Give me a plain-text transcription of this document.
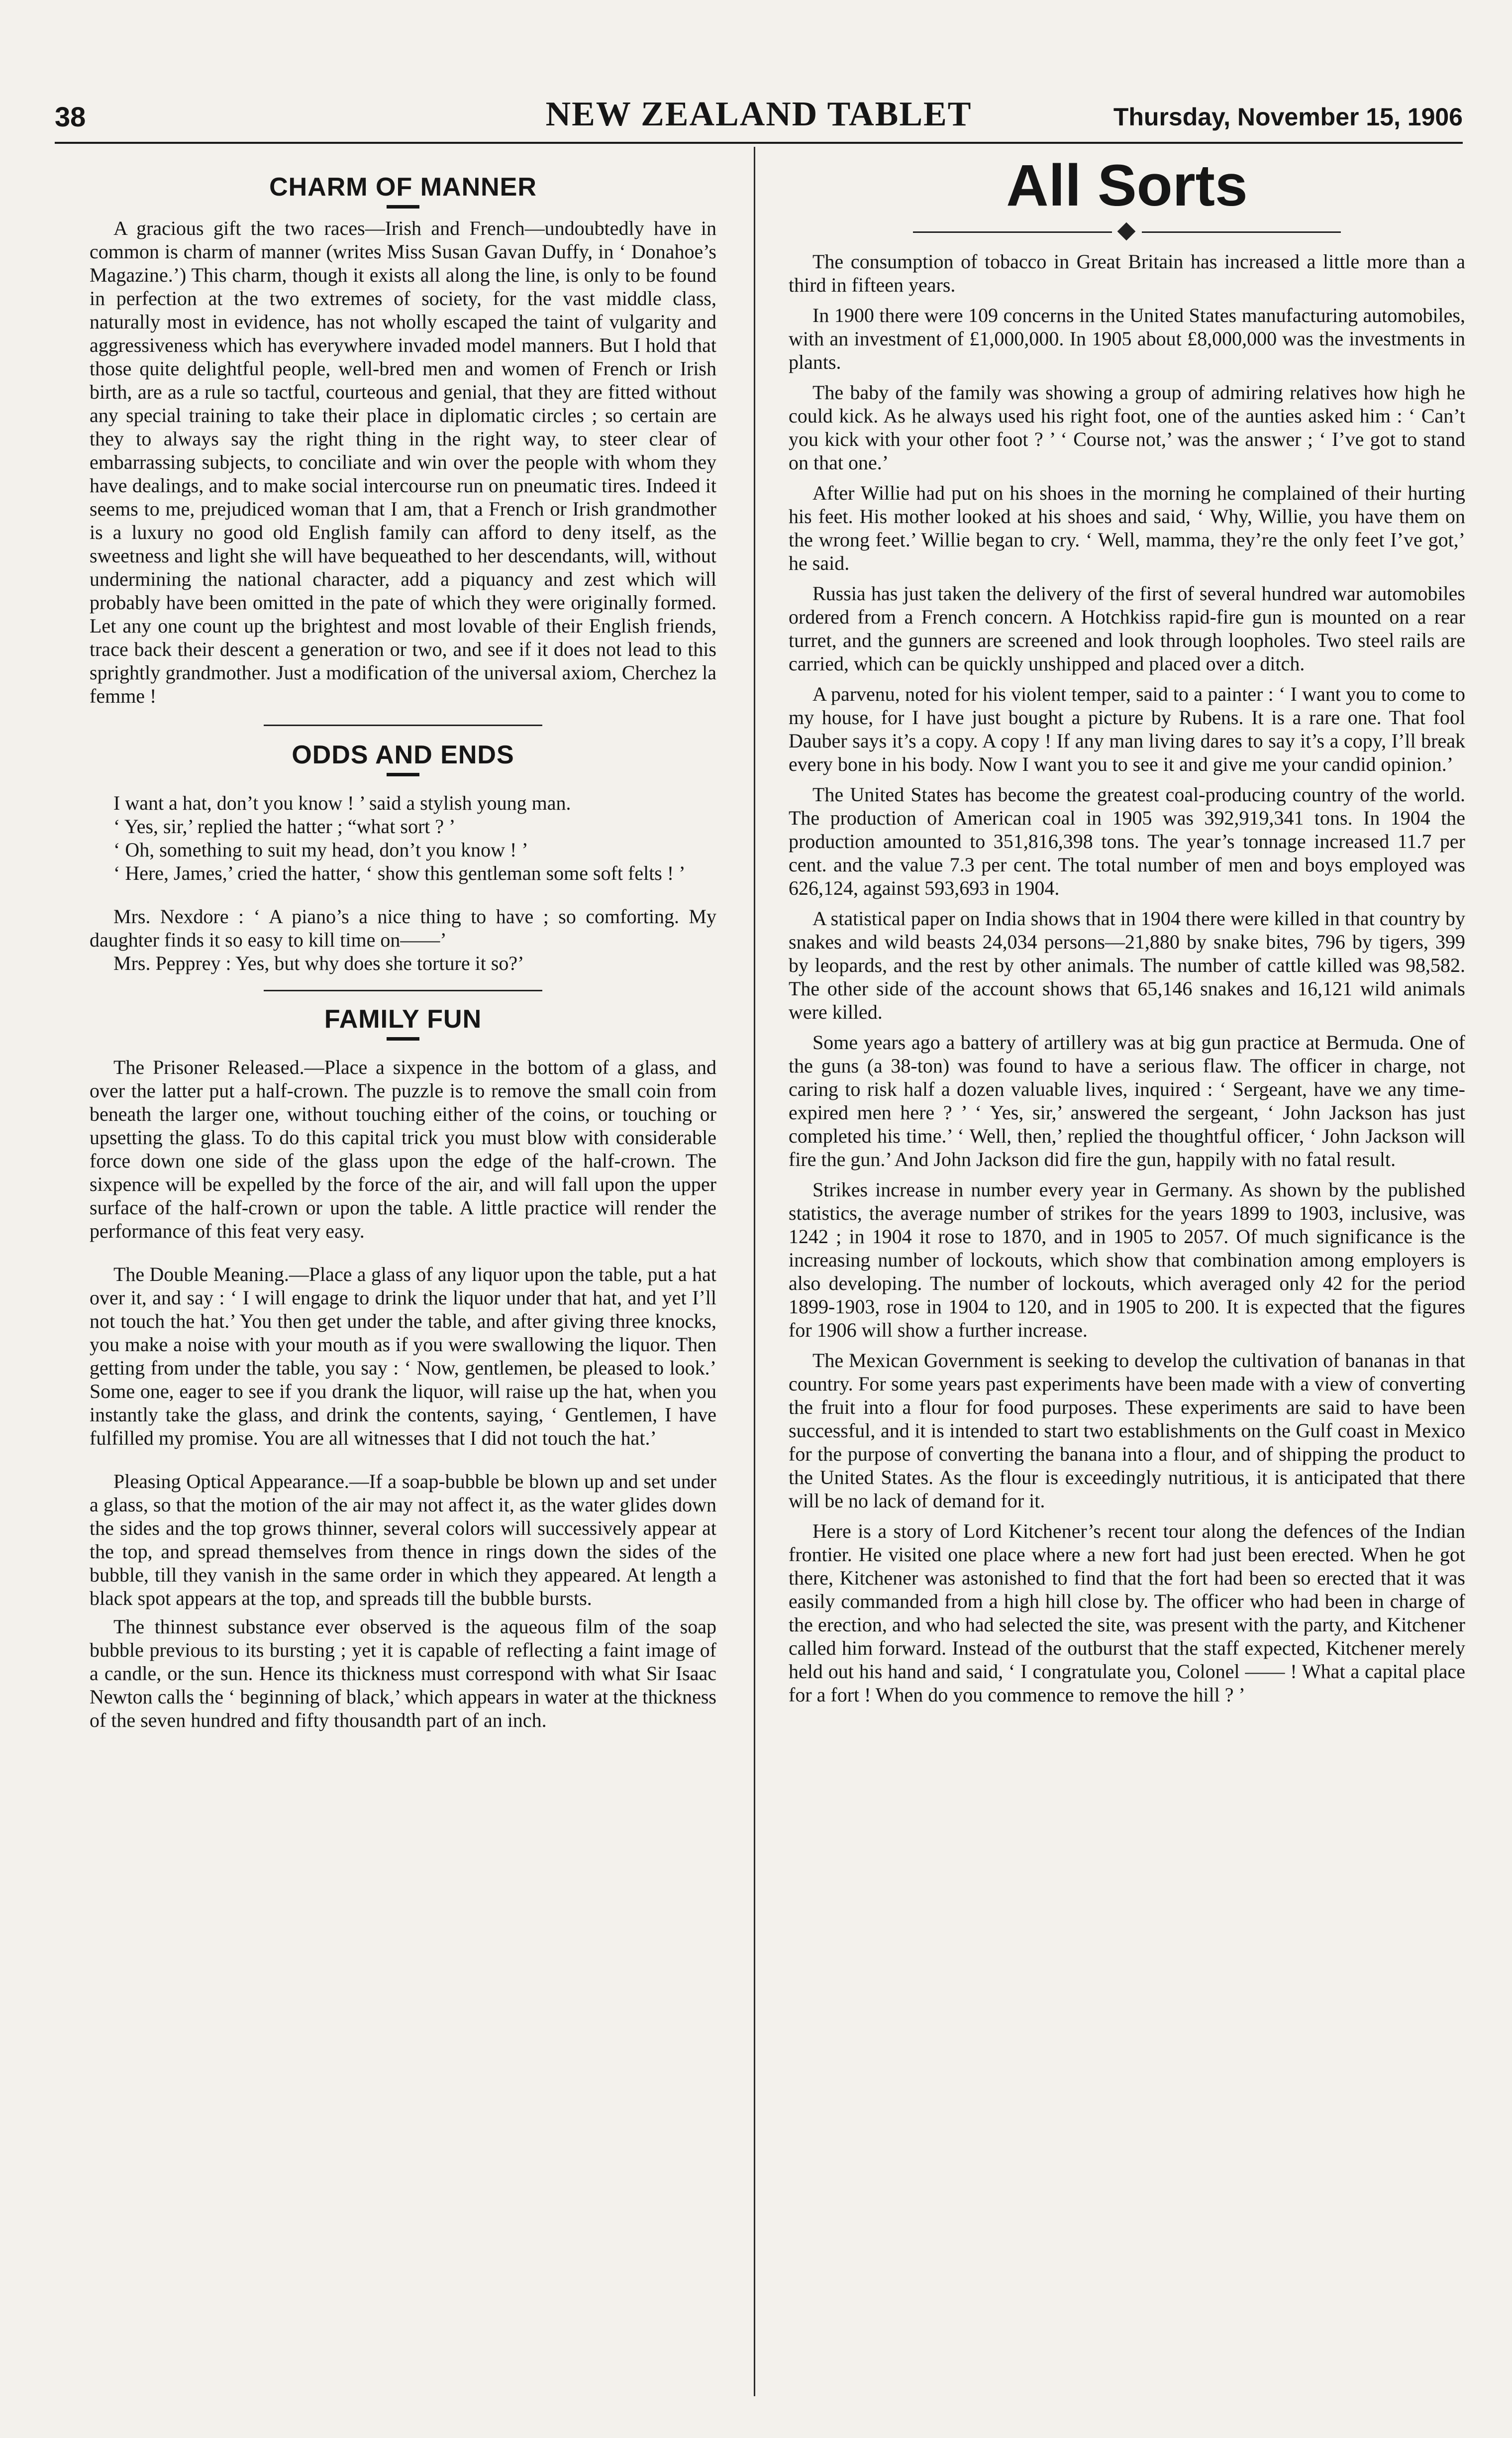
38	NEW ZEALAND TABLET	Thursday, November 15, 1906
CHARM OF MANNER

A gracious gift the two races—Irish and French—undoubtedly have in common is charm of manner (writes Miss Susan Gavan Duffy, in ‘ Donahoe’s Magazine.’) This charm, though it exists all along the line, is only to be found in perfection at the two extremes of society, for the vast middle class, naturally most in evidence, has not wholly escaped the taint of vulgarity and aggressiveness which has everywhere invaded model manners. But I hold that those quite delightful people, well-bred men and women of French or Irish birth, are as a rule so tactful, courteous and genial, that they are fitted without any special training to take their place in diplomatic circles ; so certain are they to always say the right thing in the right way, to steer clear of embarrassing subjects, to conciliate and win over the people with whom they have dealings, and to make social intercourse run on pneumatic tires. Indeed it seems to me, prejudiced woman that I am, that a French or Irish grandmother is a luxury no good old English family can afford to deny itself, as the sweetness and light she will have bequeathed to her descendants, will, without undermining the national character, add a piquancy and zest which will probably have been omitted in the pate of which they were originally formed. Let any one count up the brightest and most lovable of their English friends, trace back their descent a generation or two, and see if it does not lead to this sprightly grandmother. Just a modification of the universal axiom, Cherchez la femme !

ODDS AND ENDS

I want a hat, don’t you know ! ’ said a stylish young man.

‘ Yes, sir,’ replied the hatter ; “what sort ? ’

‘ Oh, something to suit my head, don’t you know ! ’

‘ Here, James,’ cried the hatter, ‘ show this gentleman some soft felts ! ’

Mrs. Nexdore : ‘ A piano’s a nice thing to have ; so comforting. My daughter finds it so easy to kill time on——’

Mrs. Pepprey : Yes, but why does she torture it so?’

FAMILY FUN

The Prisoner Released.—Place a sixpence in the bottom of a glass, and over the latter put a half-crown. The puzzle is to remove the small coin from beneath the larger one, without touching either of the coins, or touching or upsetting the glass. To do this capital trick you must blow with considerable force down one side of the glass upon the edge of the half-crown. The sixpence will be expelled by the force of the air, and will fall upon the upper surface of the half-crown or upon the table. A little practice will render the performance of this feat very easy.

The Double Meaning.—Place a glass of any liquor upon the table, put a hat over it, and say : ‘ I will engage to drink the liquor under that hat, and yet I’ll not touch the hat.’ You then get under the table, and after giving three knocks, you make a noise with your mouth as if you were swallowing the liquor. Then getting from under the table, you say : ‘ Now, gentlemen, be pleased to look.’ Some one, eager to see if you drank the liquor, will raise up the hat, when you instantly take the glass, and drink the contents, saying, ‘ Gentlemen, I have fulfilled my promise. You are all witnesses that I did not touch the hat.’

Pleasing Optical Appearance.—If a soap-bubble be blown up and set under a glass, so that the motion of the air may not affect it, as the water glides down the sides and the top grows thinner, several colors will successively appear at the top, and spread themselves from thence in rings down the sides of the bubble, till they vanish in the same order in which they appeared. At length a black spot appears at the top, and spreads till the bubble bursts.

The thinnest substance ever observed is the aqueous film of the soap bubble previous to its bursting ; yet it is capable of reflecting a faint image of a candle, or the sun. Hence its thickness must correspond with what Sir Isaac Newton calls the ‘ beginning of black,’ which appears in water at the thickness of the seven hundred and fifty thousandth part of an inch.

All Sorts

The consumption of tobacco in Great Britain has increased a little more than a third in fifteen years.

In 1900 there were 109 concerns in the United States manufacturing automobiles, with an investment of £1,000,000. In 1905 about £8,000,000 was the investments in plants.

The baby of the family was showing a group of admiring relatives how high he could kick. As he always used his right foot, one of the aunties asked him : ‘ Can’t you kick with your other foot ? ’ ‘ Course not,’ was the answer ; ‘ I’ve got to stand on that one.’

After Willie had put on his shoes in the morning he complained of their hurting his feet. His mother looked at his shoes and said, ‘ Why, Willie, you have them on the wrong feet.’ Willie began to cry. ‘ Well, mamma, they’re the only feet I’ve got,’ he said.

Russia has just taken the delivery of the first of several hundred war automobiles ordered from a French concern. A Hotchkiss rapid-fire gun is mounted on a rear turret, and the gunners are screened and look through loopholes. Two steel rails are carried, which can be quickly unshipped and placed over a ditch.

A parvenu, noted for his violent temper, said to a painter : ‘ I want you to come to my house, for I have just bought a picture by Rubens. It is a rare one. That fool Dauber says it’s a copy. A copy ! If any man living dares to say it’s a copy, I’ll break every bone in his body. Now I want you to see it and give me your candid opinion.’

The United States has become the greatest coal-producing country of the world. The production of American coal in 1905 was 392,919,341 tons. In 1904 the production amounted to 351,816,398 tons. The year’s tonnage increased 11.7 per cent. and the value 7.3 per cent. The total number of men and boys employed was 626,124, against 593,693 in 1904.

A statistical paper on India shows that in 1904 there were killed in that country by snakes and wild beasts 24,034 persons—21,880 by snake bites, 796 by tigers, 399 by leopards, and the rest by other animals. The number of cattle killed was 98,582. The other side of the account shows that 65,146 snakes and 16,121 wild animals were killed.

Some years ago a battery of artillery was at big gun practice at Bermuda. One of the guns (a 38-ton) was found to have a serious flaw. The officer in charge, not caring to risk half a dozen valuable lives, inquired : ‘ Sergeant, have we any time-expired men here ? ’ ‘ Yes, sir,’ answered the sergeant, ‘ John Jackson has just completed his time.’ ‘ Well, then,’ replied the thoughtful officer, ‘ John Jackson will fire the gun.’ And John Jackson did fire the gun, happily with no fatal result.

Strikes increase in number every year in Germany. As shown by the published statistics, the average number of strikes for the years 1899 to 1903, inclusive, was 1242 ; in 1904 it rose to 1870, and in 1905 to 2057. Of much significance is the increasing number of lockouts, which show that combination among employers is also developing. The number of lockouts, which averaged only 42 for the period 1899-1903, rose in 1904 to 120, and in 1905 to 200. It is expected that the figures for 1906 will show a further increase.

The Mexican Government is seeking to develop the cultivation of bananas in that country. For some years past experiments have been made with a view of converting the fruit into a flour for food purposes. These experiments are said to have been successful, and it is intended to start two establishments on the Gulf coast in Mexico for the purpose of converting the banana into a flour, and of shipping the product to the United States. As the flour is exceedingly nutritious, it is anticipated that there will be no lack of demand for it.

Here is a story of Lord Kitchener’s recent tour along the defences of the Indian frontier. He visited one place where a new fort had just been erected. When he got there, Kitchener was astonished to find that the fort had been so erected that it was easily commanded from a high hill close by. The officer who had been in charge of the erection, and who had selected the site, was present with the party, and Kitchener called him forward. Instead of the outburst that the staff expected, Kitchener merely held out his hand and said, ‘ I congratulate you, Colonel —— ! What a capital place for a fort ! When do you commence to remove the hill ? ’
